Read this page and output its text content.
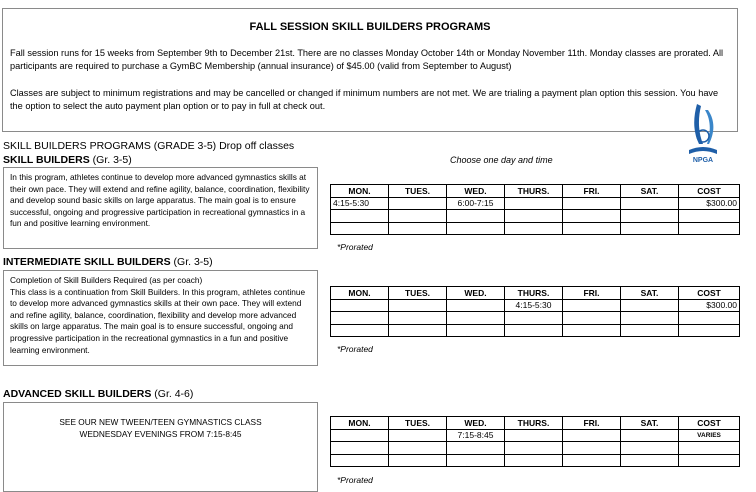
FALL SESSION SKILL BUILDERS PROGRAMS
Fall session runs for 15 weeks from September 9th to December 21st. There are no classes Monday October 14th or Monday November 11th. Monday classes are prorated. All participants are required to purchase a GymBC Membership (annual insurance) of $45.00 (valid from September to August)
Classes are subject to minimum registrations and may be cancelled or changed if minimum numbers are not met. We are trialing a payment plan option this session. You have the option to select the auto payment plan option or to pay in full at check out.
SKILL BUILDERS PROGRAMS (GRADE 3-5) Drop off classes
Choose one day and time	NPGA
SKILL BUILDERS (Gr. 3-5)
In this program, athletes continue to develop more advanced gymnastics skills at their own pace. They will extend and refine agility, balance, coordination, flexibility and develop sound basic skills on large apparatus. The main goal is to ensure successful, ongoing and progressive participation in recreational gymnastics in a fun and positive learning environment.
MON.	TUES.	WED.	THURS.	FRI.	SAT.	COST
4:15-5:30		6:00-7:15				$300.00

*Prorated
INTERMEDIATE SKILL BUILDERS (Gr. 3-5)
Completion of Skill Builders Required (as per coach)
This class is a continuation from Skill Builders. In this program, athletes continue to develop more advanced gymnastics skills at their own pace. They will extend and refine agility, balance, coordination, flexibility and develop more advanced skills on large apparatus. The main goal is to ensure successful, ongoing and progressive participation in the recreational gymnastics in a fun and positive learning environment.
MON.	TUES.	WED.	THURS.	FRI.	SAT.	COST
			4:15-5:30			$300.00

*Prorated
ADVANCED SKILL BUILDERS (Gr. 4-6)
SEE OUR NEW TWEEN/TEEN GYMNASTICS CLASS
WEDNESDAY EVENINGS FROM 7:15-8:45
MON.	TUES.	WED.	THURS.	FRI.	SAT.	COST
		7:15-8:45				VARIES

*Prorated
